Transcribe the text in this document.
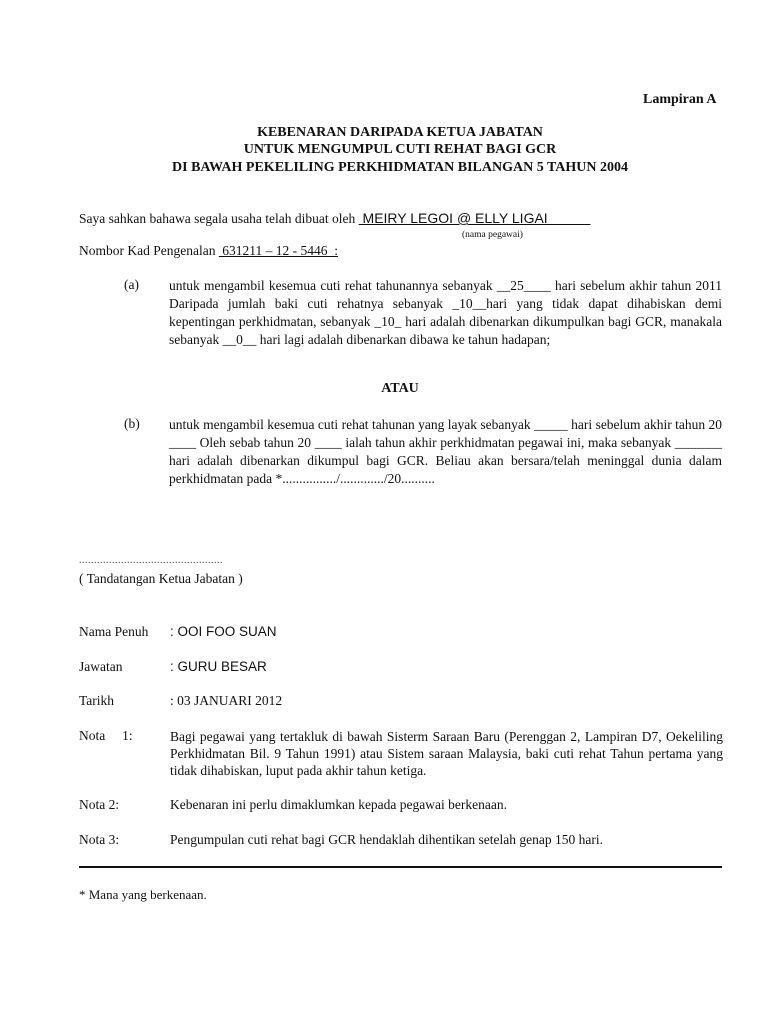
Lampiran A
KEBENARAN DARIPADA KETUA JABATAN
UNTUK MENGUMPUL CUTI REHAT BAGI GCR
DI BAWAH PEKELILING PERKHIDMATAN BILANGAN 5 TAHUN 2004
Saya sahkan bahawa segala usaha telah dibuat oleh  MEIRY LEGOI @ ELLY LIGAI
(nama pegawai)
Nombor Kad Pengenalan  631211 – 12 - 5446  :
(a) untuk mengambil kesemua cuti rehat tahunannya sebanyak __25____ hari sebelum akhir tahun 2011 Daripada jumlah baki cuti rehatnya sebanyak _10__hari yang tidak dapat dihabiskan demi kepentingan perkhidmatan, sebanyak _10_ hari adalah dibenarkan dikumpulkan bagi GCR, manakala sebanyak __0__ hari lagi adalah dibenarkan dibawa ke tahun hadapan;
ATAU
(b) untuk mengambil kesemua cuti rehat tahunan yang layak sebanyak _____ hari sebelum akhir tahun 20 ____ Oleh sebab tahun 20 ____ ialah tahun akhir perkhidmatan pegawai ini, maka sebanyak _______ hari adalah dibenarkan dikumpul bagi GCR. Beliau akan bersara/telah meninggal dunia dalam perkhidmatan pada *................/............./20..........
................................................
( Tandatangan Ketua Jabatan )
Nama Penuh : OOI FOO SUAN
Jawatan	: GURU BESAR
Tarikh	: 03 JANUARI 2012
Nota     1:	Bagi pegawai yang tertakluk di bawah Sisterm Saraan Baru (Perenggan 2, Lampiran D7, Oekeliling Perkhidmatan Bil. 9 Tahun 1991) atau Sistem saraan Malaysia, baki cuti rehat Tahun pertama yang tidak dihabiskan, luput pada akhir tahun ketiga.
Nota 2:	Kebenaran ini perlu dimaklumkan kepada pegawai berkenaan.
Nota 3:	Pengumpulan cuti rehat bagi GCR hendaklah dihentikan setelah genap 150 hari.
* Mana yang berkenaan.
